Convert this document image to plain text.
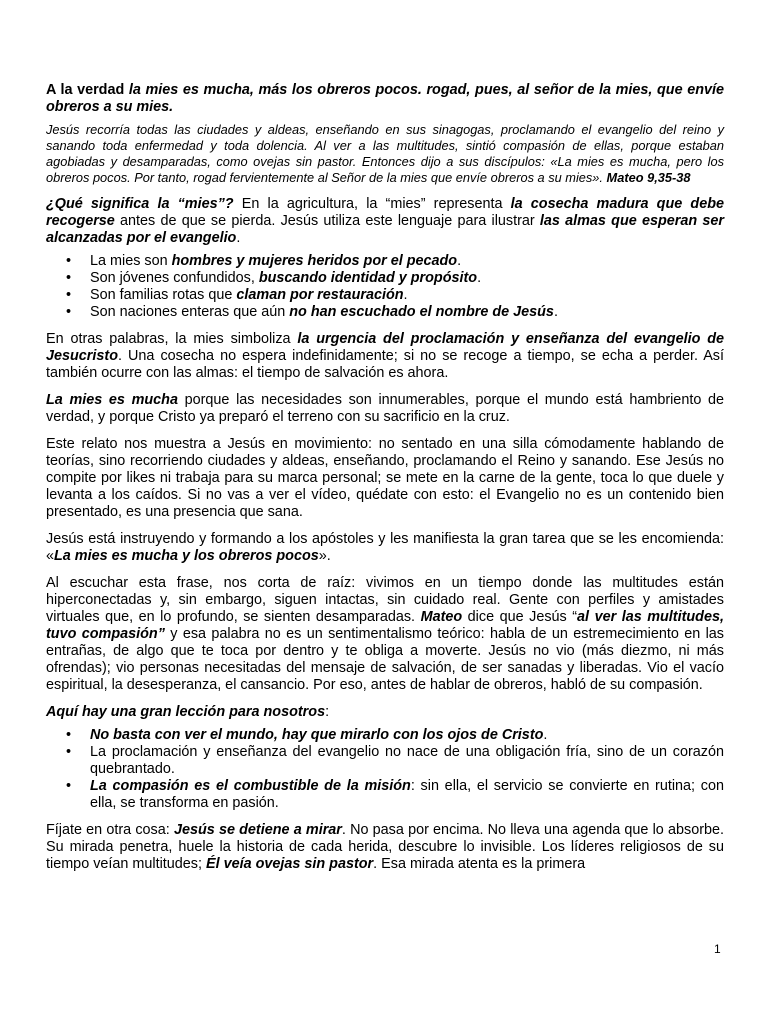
A la verdad la mies es mucha, más los obreros pocos. rogad, pues, al señor de la mies, que envíe obreros a su mies.

Jesús recorría todas las ciudades y aldeas, enseñando en sus sinagogas, proclamando el evangelio del reino y sanando toda enfermedad y toda dolencia. Al ver a las multitudes, sintió compasión de ellas, porque estaban agobiadas y desamparadas, como ovejas sin pastor. Entonces dijo a sus discípulos: «La mies es mucha, pero los obreros pocos. Por tanto, rogad fervientemente al Señor de la mies que envíe obreros a su mies». Mateo 9,35-38

¿Qué significa la “mies”? En la agricultura, la “mies” representa la cosecha madura que debe recogerse antes de que se pierda. Jesús utiliza este lenguaje para ilustrar las almas que esperan ser alcanzadas por el evangelio.

• La mies son hombres y mujeres heridos por el pecado.
• Son jóvenes confundidos, buscando identidad y propósito.
• Son familias rotas que claman por restauración.
• Son naciones enteras que aún no han escuchado el nombre de Jesús.

En otras palabras, la mies simboliza la urgencia del proclamación y enseñanza del evangelio de Jesucristo. Una cosecha no espera indefinidamente; si no se recoge a tiempo, se echa a perder. Así también ocurre con las almas: el tiempo de salvación es ahora.

La mies es mucha porque las necesidades son innumerables, porque el mundo está hambriento de verdad, y porque Cristo ya preparó el terreno con su sacrificio en la cruz.

Este relato nos muestra a Jesús en movimiento: no sentado en una silla cómodamente hablando de teorías, sino recorriendo ciudades y aldeas, enseñando, proclamando el Reino y sanando. Ese Jesús no compite por likes ni trabaja para su marca personal; se mete en la carne de la gente, toca lo que duele y levanta a los caídos. Si no vas a ver el vídeo, quédate con esto: el Evangelio no es un contenido bien presentado, es una presencia que sana.

Jesús está instruyendo y formando a los apóstoles y les manifiesta la gran tarea que se les encomienda: «La mies es mucha y los obreros pocos».

Al escuchar esta frase, nos corta de raíz: vivimos en un tiempo donde las multitudes están hiperconectadas y, sin embargo, siguen intactas, sin cuidado real. Gente con perfiles y amistades virtuales que, en lo profundo, se sienten desamparadas. Mateo dice que Jesús “al ver las multitudes, tuvo compasión” y esa palabra no es un sentimentalismo teórico: habla de un estremecimiento en las entrañas, de algo que te toca por dentro y te obliga a moverte. Jesús no vio (más diezmo, ni más ofrendas); vio personas necesitadas del mensaje de salvación, de ser sanadas y liberadas. Vio el vacío espiritual, la desesperanza, el cansancio. Por eso, antes de hablar de obreros, habló de su compasión.

Aquí hay una gran lección para nosotros:

• No basta con ver el mundo, hay que mirarlo con los ojos de Cristo.
• La proclamación y enseñanza del evangelio no nace de una obligación fría, sino de un corazón quebrantado.
• La compasión es el combustible de la misión: sin ella, el servicio se convierte en rutina; con ella, se transforma en pasión.

Fíjate en otra cosa: Jesús se detiene a mirar. No pasa por encima. No lleva una agenda que lo absorbe. Su mirada penetra, huele la historia de cada herida, descubre lo invisible. Los líderes religiosos de su tiempo veían multitudes; Él veía ovejas sin pastor. Esa mirada atenta es la primera

1
